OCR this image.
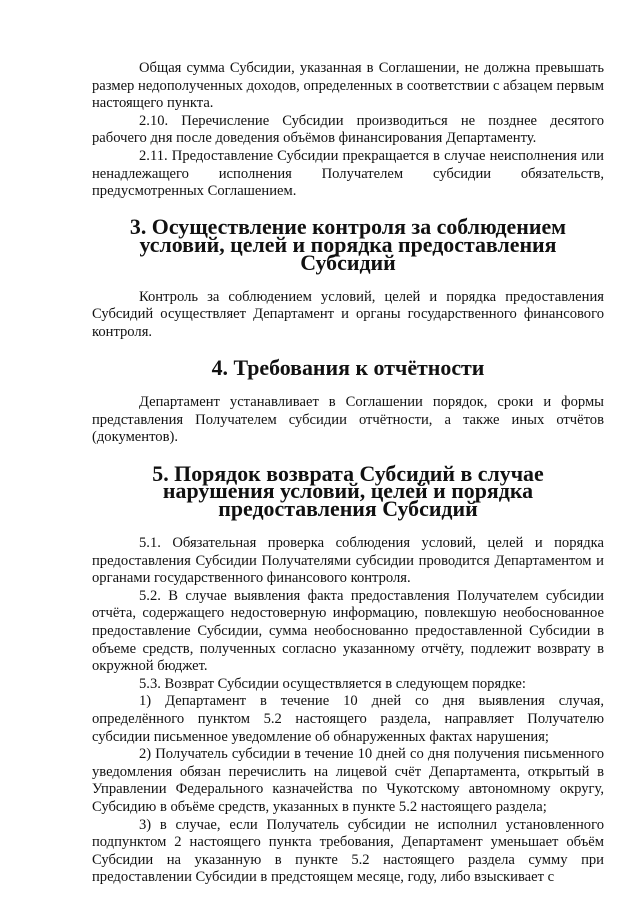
Общая сумма Субсидии, указанная в Соглашении, не должна превышать размер недополученных доходов, определенных в соответствии с абзацем первым настоящего пункта.

2.10. Перечисление Субсидии производиться не позднее десятого рабочего дня после доведения объёмов финансирования Департаменту.

2.11. Предоставление Субсидии прекращается в случае неисполнения или ненадлежащего исполнения Получателем субсидии обязательств, предусмотренных Соглашением.

3. Осуществление контроля за соблюдением условий, целей и порядка предоставления Субсидий

Контроль за соблюдением условий, целей и порядка предоставления Субсидий осуществляет Департамент и органы государственного финансового контроля.

4. Требования к отчётности

Департамент устанавливает в Соглашении порядок, сроки и формы представления Получателем субсидии отчётности, а также иных отчётов (документов).

5. Порядок возврата Субсидий в случае нарушения условий, целей и порядка предоставления Субсидий

5.1. Обязательная проверка соблюдения условий, целей и порядка предоставления Субсидии Получателями субсидии проводится Департаментом и органами государственного финансового контроля.

5.2. В случае выявления факта предоставления Получателем субсидии отчёта, содержащего недостоверную информацию, повлекшую необоснованное предоставление Субсидии, сумма необоснованно предоставленной Субсидии в объеме средств, полученных согласно указанному отчёту, подлежит возврату в окружной бюджет.

5.3. Возврат Субсидии осуществляется в следующем порядке:

1) Департамент в течение 10 дней со дня выявления случая, определённого пунктом 5.2 настоящего раздела, направляет Получателю субсидии письменное уведомление об обнаруженных фактах нарушения;

2) Получатель субсидии в течение 10 дней со дня получения письменного уведомления обязан перечислить на лицевой счёт Департамента, открытый в Управлении Федерального казначейства по Чукотскому автономному округу, Субсидию в объёме средств, указанных в пункте 5.2 настоящего раздела;

3) в случае, если Получатель субсидии не исполнил установленного подпунктом 2 настоящего пункта требования, Департамент уменьшает объём Субсидии на указанную в пункте 5.2 настоящего раздела сумму при предоставлении Субсидии в предстоящем месяце, году, либо взыскивает с
